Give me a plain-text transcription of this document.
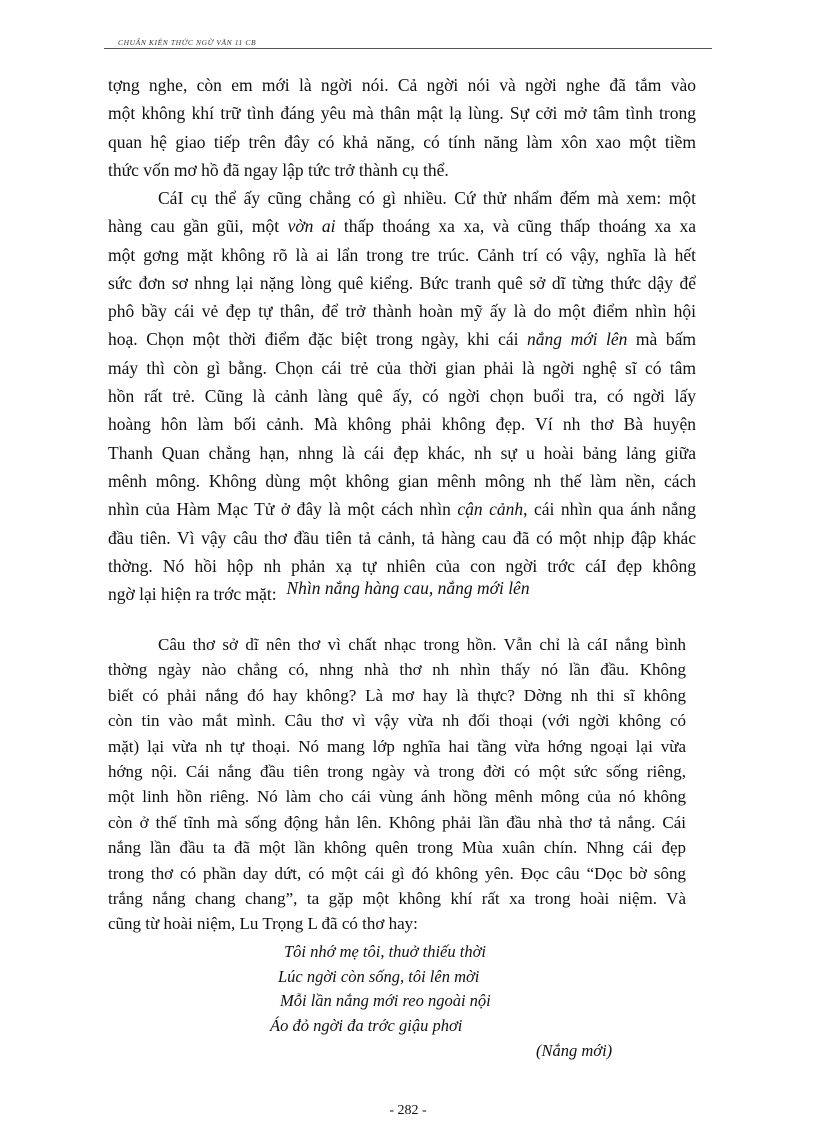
CHUẨN KIẾN THỨC NGỮ VĂN 11 CB
tợng nghe, còn em mới là ngời nói. Cả ngời nói và ngời nghe đã tắm vào
một không khí trữ tình đáng yêu mà thân mật lạ lùng. Sự cởi mở tâm tình trong
quan hệ giao tiếp trên đây có khả năng, có tính năng làm xôn xao một tiềm
thức vốn mơ hồ đã ngay lập tức trở thành cụ thể.
CáI cụ thể ấy cũng chẳng có gì nhiều. Cứ thử nhẩm đếm mà xem: một
hàng cau gần gũi, một vờn ai thấp thoáng xa xa, và cũng thấp thoáng xa xa
một gơng mặt không rõ là ai lẩn trong tre trúc. Cảnh trí có vậy, nghĩa là hết
sức đơn sơ nhng lại nặng lòng quê kiểng. Bức tranh quê sở dĩ từng thức dậy để
phô bầy cái vẻ đẹp tự thân, để trở thành hoàn mỹ ấy là do một điểm nhìn hội
hoạ. Chọn một thời điểm đặc biệt trong ngày, khi cái nắng mới lên mà bấm
máy thì còn gì bằng. Chọn cái trẻ của thời gian phải là ngời nghệ sĩ có tâm
hồn rất trẻ. Cũng là cảnh làng quê ấy, có ngời chọn buổi tra, có ngời lấy
hoàng hôn làm bối cảnh. Mà không phải không đẹp. Ví nh thơ Bà huyện
Thanh Quan chẳng hạn, nhng là cái đẹp khác, nh sự u hoài bảng lảng giữa
mênh mông. Không dùng một không gian mênh mông nh thế làm nền, cách
nhìn của Hàm Mạc Tử ở đây là một cách nhìn cận cảnh, cái nhìn qua ánh nắng
đầu tiên. Vì vậy câu thơ đầu tiên tả cảnh, tả hàng cau đã có một nhịp đập khác
thờng. Nó hồi hộp nh phản xạ tự nhiên của con ngời trớc cáI đẹp không
ngờ lại hiện ra trớc mặt: Nhìn nắng hàng cau, nắng mới lên
Câu thơ sở dĩ nên thơ vì chất nhạc trong hồn. Vẫn chỉ là cáI nắng bình
thờng ngày nào chẳng có, nhng nhà thơ nh nhìn thấy nó lần đầu. Không
biết có phải nắng đó hay không? Là mơ hay là thực? Dờng nh thi sĩ không
còn tin vào mắt mình. Câu thơ vì vậy vừa nh đối thoại (với ngời không có
mặt) lại vừa nh tự thoại. Nó mang lớp nghĩa hai tầng vừa hớng ngoại lại vừa
hớng nội. Cái nắng đầu tiên trong ngày và trong đời có một sức sống riêng,
một linh hồn riêng. Nó làm cho cái vùng ánh hồng mênh mông của nó không
còn ở thế tĩnh mà sống động hẳn lên. Không phải lần đầu nhà thơ tả nắng. Cái
nắng lần đầu ta đã một lần không quên trong Mùa xuân chín. Nhng cái đẹp
trong thơ có phần day dứt, có một cái gì đó không yên. Đọc câu “Dọc bờ sông
trắng nắng chang chang”, ta gặp một không khí rất xa trong hoài niệm. Và
cũng từ hoài niệm, Lu Trọng L đã có thơ hay:
Tôi nhớ mẹ tôi, thuở thiếu thời
Lúc ngời còn sống, tôi lên mời
Mỗi lần nắng mới reo ngoài nội
Áo đỏ ngời đa trớc giậu phơi
(Nắng mới)
- 282 -
